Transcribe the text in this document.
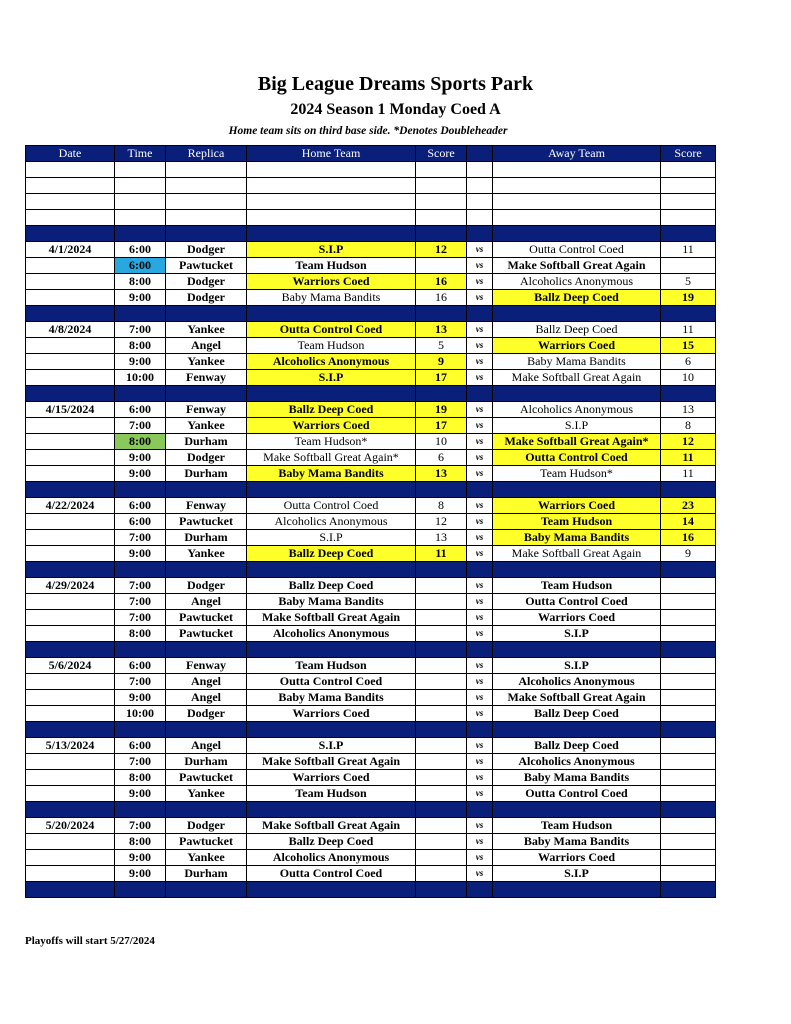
Big League Dreams Sports Park
2024 Season 1 Monday Coed A
Home team sits on third base side. *Denotes Doubleheader
Date	Time	Replica	Home Team	Score		Away Team	Score

4/1/2024	6:00	Dodger	S.I.P	12	vs	Outta Control Coed	11
	6:00	Pawtucket	Team Hudson		vs	Make Softball Great Again	
	8:00	Dodger	Warriors Coed	16	vs	Alcoholics Anonymous	5
	9:00	Dodger	Baby Mama Bandits	16	vs	Ballz Deep Coed	19

4/8/2024	7:00	Yankee	Outta Control Coed	13	vs	Ballz Deep Coed	11
	8:00	Angel	Team Hudson	5	vs	Warriors Coed	15
	9:00	Yankee	Alcoholics Anonymous	9	vs	Baby Mama Bandits	6
	10:00	Fenway	S.I.P	17	vs	Make Softball Great Again	10

4/15/2024	6:00	Fenway	Ballz Deep Coed	19	vs	Alcoholics Anonymous	13
	7:00	Yankee	Warriors Coed	17	vs	S.I.P	8
	8:00	Durham	Team Hudson*	10	vs	Make Softball Great Again*	12
	9:00	Dodger	Make Softball Great Again*	6	vs	Outta Control Coed	11
	9:00	Durham	Baby Mama Bandits	13	vs	Team Hudson*	11

4/22/2024	6:00	Fenway	Outta Control Coed	8	vs	Warriors Coed	23
	6:00	Pawtucket	Alcoholics Anonymous	12	vs	Team Hudson	14
	7:00	Durham	S.I.P	13	vs	Baby Mama Bandits	16
	9:00	Yankee	Ballz Deep Coed	11	vs	Make Softball Great Again	9

4/29/2024	7:00	Dodger	Ballz Deep Coed		vs	Team Hudson	
	7:00	Angel	Baby Mama Bandits		vs	Outta Control Coed	
	7:00	Pawtucket	Make Softball Great Again		vs	Warriors Coed	
	8:00	Pawtucket	Alcoholics Anonymous		vs	S.I.P	

5/6/2024	6:00	Fenway	Team Hudson		vs	S.I.P	
	7:00	Angel	Outta Control Coed		vs	Alcoholics Anonymous	
	9:00	Angel	Baby Mama Bandits		vs	Make Softball Great Again	
	10:00	Dodger	Warriors Coed		vs	Ballz Deep Coed	

5/13/2024	6:00	Angel	S.I.P		vs	Ballz Deep Coed	
	7:00	Durham	Make Softball Great Again		vs	Alcoholics Anonymous	
	8:00	Pawtucket	Warriors Coed		vs	Baby Mama Bandits	
	9:00	Yankee	Team Hudson		vs	Outta Control Coed	

5/20/2024	7:00	Dodger	Make Softball Great Again		vs	Team Hudson	
	8:00	Pawtucket	Ballz Deep Coed		vs	Baby Mama Bandits	
	9:00	Yankee	Alcoholics Anonymous		vs	Warriors Coed	
	9:00	Durham	Outta Control Coed		vs	S.I.P	

Playoffs will start 5/27/2024
